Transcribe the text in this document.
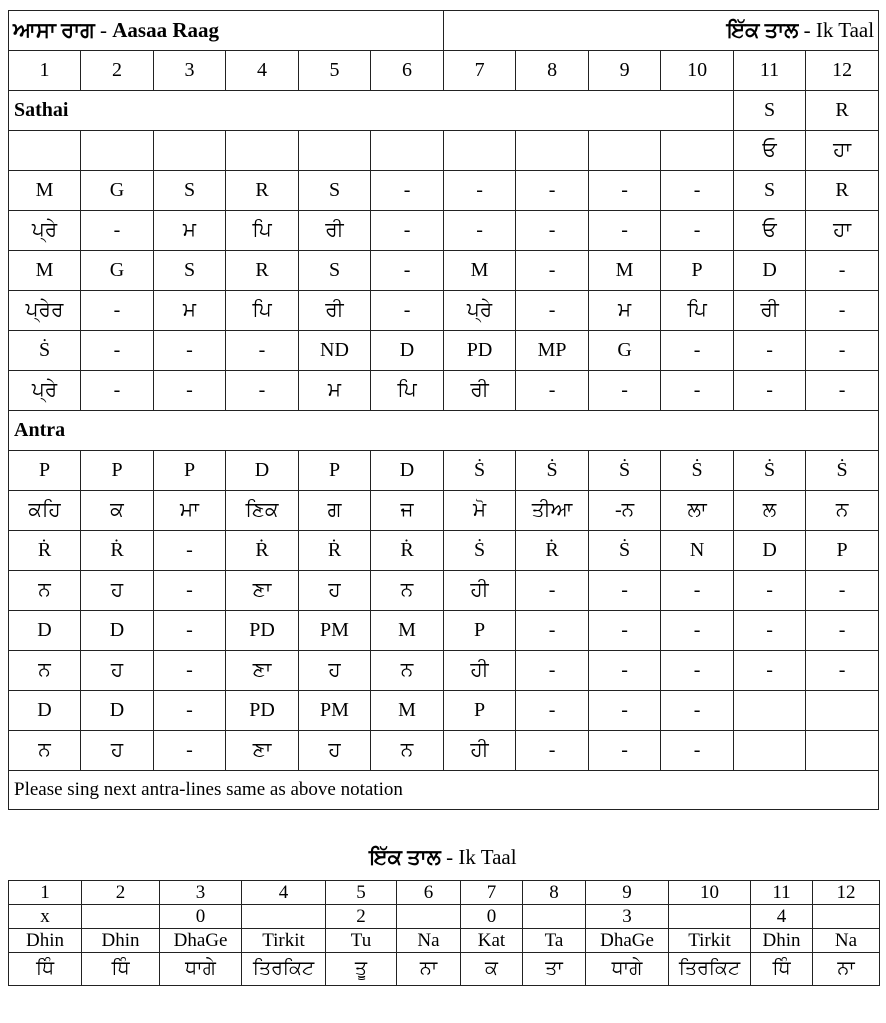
ਆਸਾ ਰਾਗ - Aasaa Raag						ਇੱਕ ਤਾਲ - Ik Taal					
1	2	3	4	5	6	7	8	9	10	11	12
Sathai										S	R
										ਓ	ਹਾ
M	G	S	R	S	-	-	-	-	-	S	R
ਪ੍ਰੇ	-	ਮ	ਪਿ	ਰੀ	-	-	-	-	-	ਓ	ਹਾ
M	G	S	R	S	-	M	-	M	P	D	-
ਪ੍ਰੇਰ	-	ਮ	ਪਿ	ਰੀ	-	ਪ੍ਰੇ	-	ਮ	ਪਿ	ਰੀ	-
Ṡ	-	-	-	ND	D	PD	MP	G	-	-	-
ਪ੍ਰੇ	-	-	-	ਮ	ਪਿ	ਰੀ	-	-	-	-	-
Antra											
P	P	P	D	P	D	Ṡ	Ṡ	Ṡ	Ṡ	Ṡ	Ṡ
ਕਹਿ	ਕ	ਮਾ	ਣਿਕ	ਗ	ਜ	ਮੋ	ਤੀਆ	-ਨ	ਲਾ	ਲ	ਨ
Ṙ	Ṙ	-	Ṙ	Ṙ	Ṙ	Ṡ	Ṙ	Ṡ	N	D	P
ਨ	ਹ	-	ਣਾ	ਹ	ਨ	ਹੀ	-	-	-	-	-
D	D	-	PD	PM	M	P	-	-	-	-	-
ਨ	ਹ	-	ਣਾ	ਹ	ਨ	ਹੀ	-	-	-	-	-
D	D	-	PD	PM	M	P	-	-	-		
ਨ	ਹ	-	ਣਾ	ਹ	ਨ	ਹੀ	-	-	-		
Please sing next antra-lines same as above notation											
ਇੱਕ ਤਾਲ - Ik Taal
1	2	3	4	5	6	7	8	9	10	11	12
x		0		2		0		3		4	
Dhin	Dhin	DhaGe	Tirkit	Tu	Na	Kat	Ta	DhaGe	Tirkit	Dhin	Na
ਧਿੰ	ਧਿੰ	ਧਾਗੇ	ਤਿਰਕਿਟ	ਤੂ	ਨਾ	ਕ	ਤਾ	ਧਾਗੇ	ਤਿਰਕਿਟ	ਧਿੰ	ਨਾ
